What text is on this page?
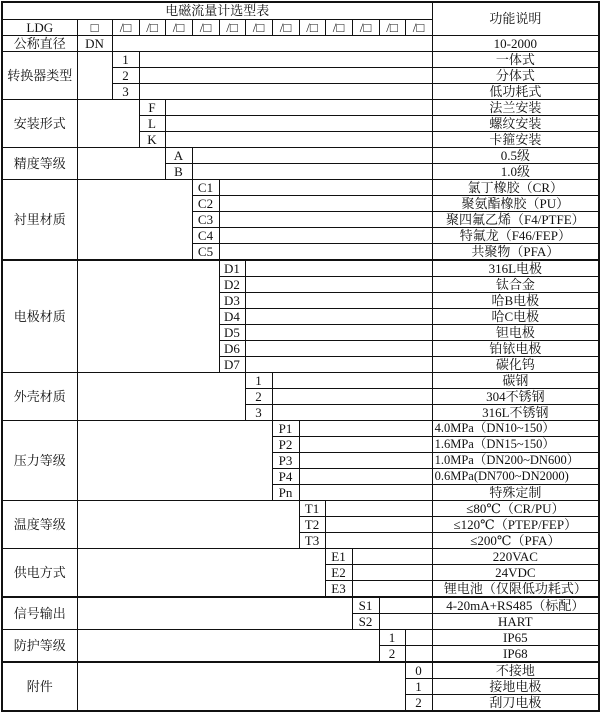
电磁流量计选型表														功能说明
LDG	□	/□	/□	/□	/□	/□	/□	/□	/□	/□	/□	/□	/□	
公称直径	DN													10-2000
转换器类型		1												一体式
		2												分体式
		3												低功耗式
安装形式			F											法兰安装
			L											螺纹安装
			K											卡箍安装
精度等级				A										0.5级
				B										1.0级
衬里材质					C1									氯丁橡胶（CR）
					C2									聚氨酯橡胶（PU）
					C3									聚四氟乙烯（F4/PTFE）
					C4									特氟龙（F46/FEP）
					C5									共聚物（PFA）
电极材质						D1								316L电极
						D2								钛合金
						D3								哈B电极
						D4								哈C电极
						D5								钽电极
						D6								铂铱电极
						D7								碳化钨
外壳材质							1							碳钢
							2							304不锈钢
							3							316L不锈钢
压力等级								P1						4.0MPa（DN10~150）
								P2						1.6MPa（DN15~150）
								P3						1.0MPa（DN200~DN600）
								P4						0.6MPa(DN700~DN2000)
								Pn						特殊定制
温度等级									T1					≤80℃（CR/PU）
									T2					≤120℃（PTEP/FEP）
									T3					≤200℃（PFA）
供电方式										E1				220VAC
										E2				24VDC
										E3				锂电池（仅限低功耗式）
信号输出											S1			4-20mA+RS485（标配）
											S2			HART
防护等级												1		IP65
												2		IP68
附件													0	不接地
													1	接地电极
													2	刮刀电极
